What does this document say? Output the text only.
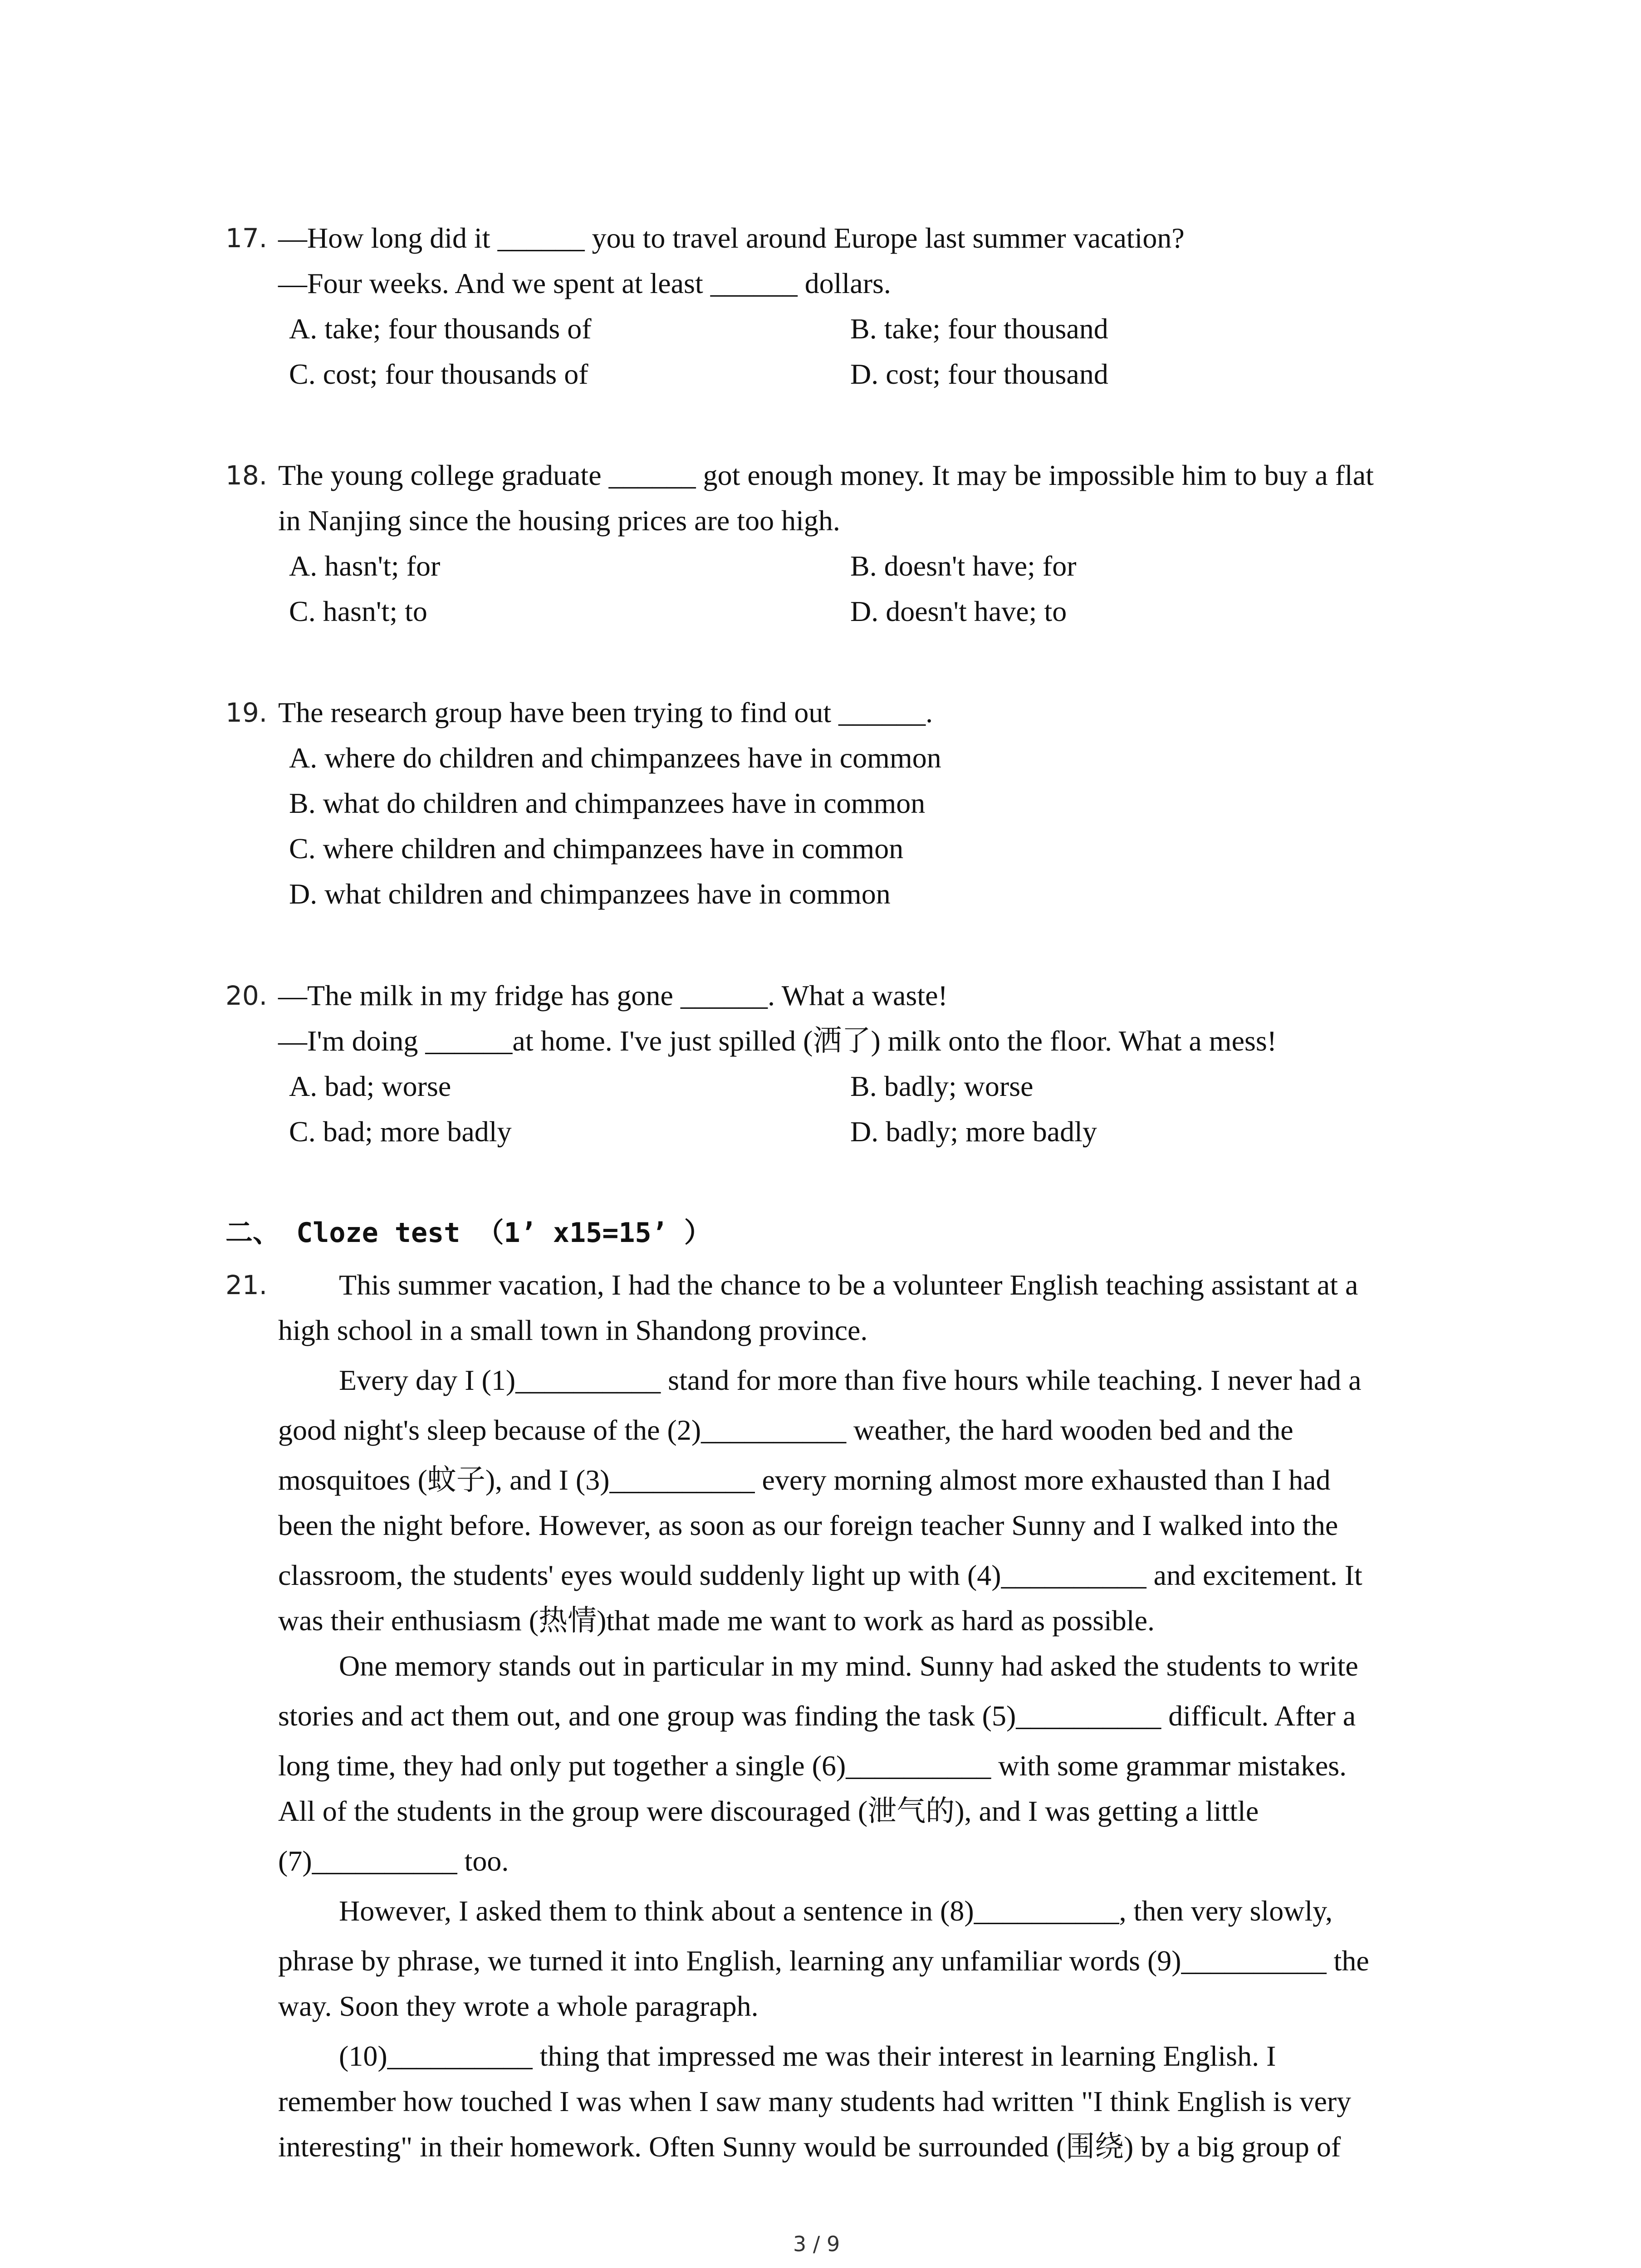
17. —How long did it ______ you to travel around Europe last summer vacation?
—Four weeks. And we spent at least ______ dollars.
A. take; four thousands of	B. take; four thousand
C. cost; four thousands of	D. cost; four thousand
18. The young college graduate ______ got enough money. It may be impossible him to buy a flat
in Nanjing since the housing prices are too high.
A. hasn't; for	B. doesn't have; for
C. hasn't; to	D. doesn't have; to
19. The research group have been trying to find out ______.
A. where do children and chimpanzees have in common
B. what do children and chimpanzees have in common
C. where children and chimpanzees have in common
D. what children and chimpanzees have in common
20. —The milk in my fridge has gone ______. What a waste!
—I'm doing ______at home. I've just spilled (洒了) milk onto the floor. What a mess!
A. bad; worse	B. badly; worse
C. bad; more badly	D. badly; more badly
二、 Cloze test （1’ x15=15’ ）
21. This summer vacation, I had the chance to be a volunteer English teaching assistant at a
high school in a small town in Shandong province.
Every day I (1)__________ stand for more than five hours while teaching. I never had a
good night's sleep because of the (2)__________ weather, the hard wooden bed and the
mosquitoes (蚊子), and I (3)__________ every morning almost more exhausted than I had
been the night before. However, as soon as our foreign teacher Sunny and I walked into the
classroom, the students' eyes would suddenly light up with (4)__________ and excitement. It
was their enthusiasm (热情)that made me want to work as hard as possible.
One memory stands out in particular in my mind. Sunny had asked the students to write
stories and act them out, and one group was finding the task (5)__________ difficult. After a
long time, they had only put together a single (6)__________ with some grammar mistakes.
All of the students in the group were discouraged (泄气的), and I was getting a little
(7)__________ too.
However, I asked them to think about a sentence in (8)__________, then very slowly,
phrase by phrase, we turned it into English, learning any unfamiliar words (9)__________ the
way. Soon they wrote a whole paragraph.
(10)__________ thing that impressed me was their interest in learning English. I
remember how touched I was when I saw many students had written "I think English is very
interesting" in their homework. Often Sunny would be surrounded (围绕) by a big group of
3 / 9
